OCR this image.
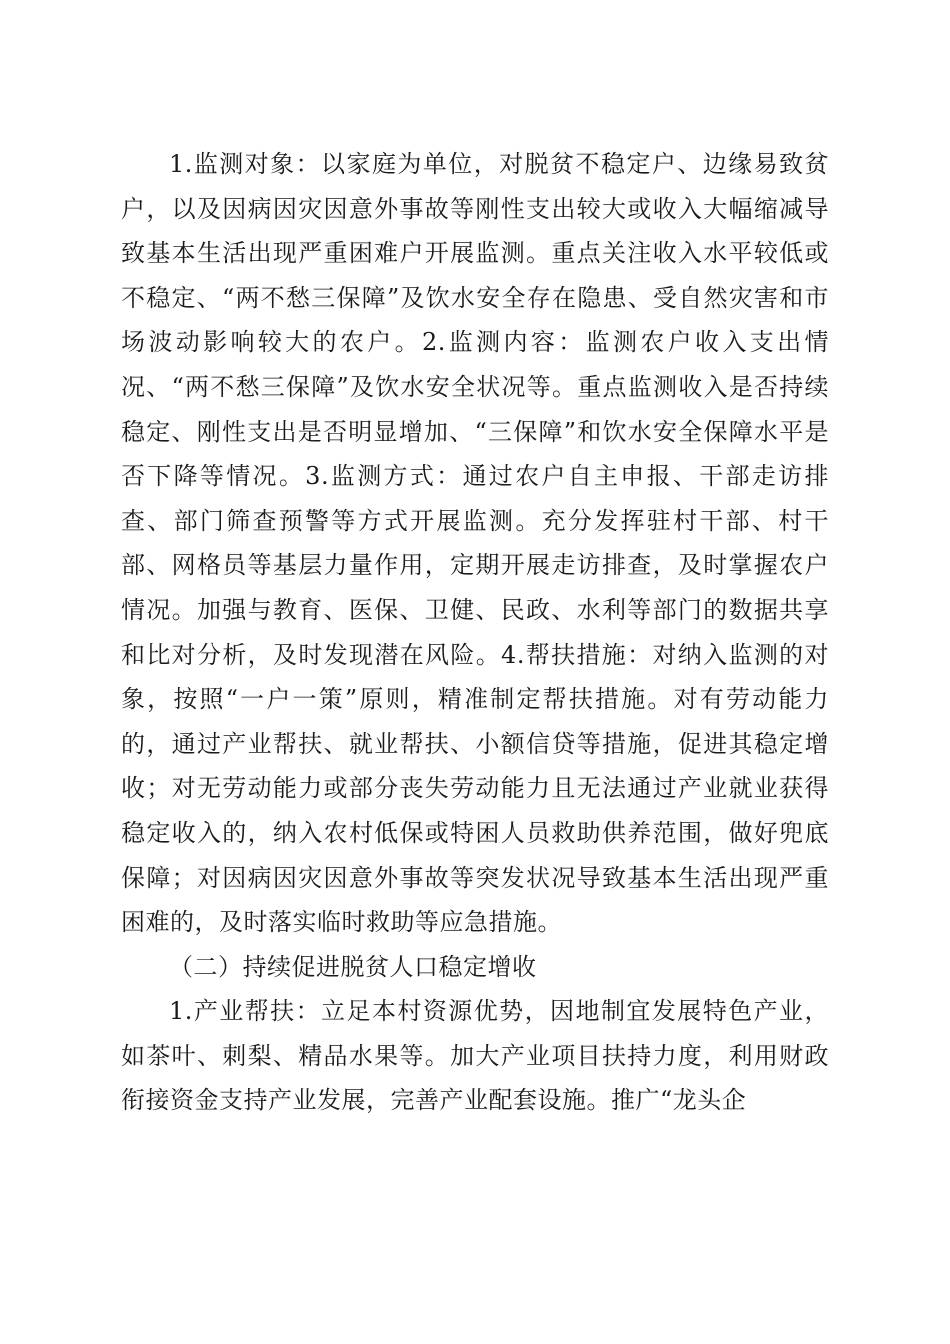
1.监测对象：以家庭为单位，对脱贫不稳定户、边缘易致贫户，以及因病因灾因意外事故等刚性支出较大或收入大幅缩减导致基本生活出现严重困难户开展监测。重点关注收入水平较低或不稳定、“两不愁三保障”及饮水安全存在隐患、受自然灾害和市场波动影响较大的农户。2.监测内容：监测农户收入支出情况、“两不愁三保障”及饮水安全状况等。重点监测收入是否持续稳定、刚性支出是否明显增加、“三保障”和饮水安全保障水平是否下降等情况。3.监测方式：通过农户自主申报、干部走访排查、部门筛查预警等方式开展监测。充分发挥驻村干部、村干部、网格员等基层力量作用，定期开展走访排查，及时掌握农户情况。加强与教育、医保、卫健、民政、水利等部门的数据共享和比对分析，及时发现潜在风险。4.帮扶措施：对纳入监测的对象，按照“一户一策”原则，精准制定帮扶措施。对有劳动能力的，通过产业帮扶、就业帮扶、小额信贷等措施，促进其稳定增收；对无劳动能力或部分丧失劳动能力且无法通过产业就业获得稳定收入的，纳入农村低保或特困人员救助供养范围，做好兜底保障；对因病因灾因意外事故等突发状况导致基本生活出现严重困难的，及时落实临时救助等应急措施。

（二）持续促进脱贫人口稳定增收

1.产业帮扶：立足本村资源优势，因地制宜发展特色产业，如茶叶、刺梨、精品水果等。加大产业项目扶持力度，利用财政衔接资金支持产业发展，完善产业配套设施。推广“龙头企
